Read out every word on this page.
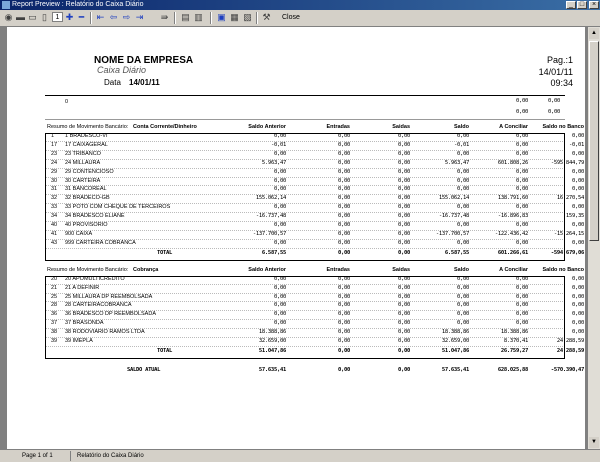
Report Preview : Relatório do Caixa Diário	_ □	×
◉ ▬ ▭ ▯	1 ✚ ━	⇤ ⇦ ⇨ ⇥ ⇛ ▤ ▥ ▣ ▦ ▧ ⚒ Close
NOME DA EMPRESA
Caixa Diário
Data 14/01/11
Pag.:1
14/01/11
09:34
0	0,00	0,00
0,00	0,00
Resumo de Movimento Bancário: Conta Corrente/Dinheiro	Saldo Anterior	Entradas	Saidas	Saldo	A Conciliar	Saldo no Banco
1 1 BRADESCO-VI	0,00	0,00	0,00	0,00	0,00	0,00
17 17 CAIXAGERAL	-0,01	0,00	0,00	-0,01	0,00	-0,01
23 23 TRIBANCO	0,00	0,00	0,00	0,00	0,00	0,00
24 24 MILLAURA	5.963,47	0,00	0,00	5.963,47	601.808,26	-595.844,79
29 29 CONTENCIOSO	0,00	0,00	0,00	0,00	0,00	0,00
30 30 CARTEIRA	0,00	0,00	0,00	0,00	0,00	0,00
31 31 BANCOREAL	0,00	0,00	0,00	0,00	0,00	0,00
32 32 BRADECO-GB	155.062,14	0,00	0,00	155.062,14	138.791,60	16.270,54
33 33 POTO COM CHEQUE DE TERCEIROS	0,00	0,00	0,00	0,00	0,00	0,00
34 34 BRADESCO ELIANE	-16.737,48	0,00	0,00	-16.737,48	-16.896,83	159,35
40 40 PROVISORIO	0,00	0,00	0,00	0,00	0,00	0,00
41 900 CAIXA	-137.700,57	0,00	0,00	-137.700,57	-122.436,42	-15.264,15
43 999 CARTEIRA COBRANCA	0,00	0,00	0,00	0,00	0,00	0,00
TOTAL	6.587,55	0,00	0,00	6.587,55	601.266,61	-594.679,06
Resumo de Movimento Bancário: Cobrança	Saldo Anterior	Entradas	Saidas	Saldo	A Conciliar	Saldo no Banco
20 20 APOMULTICREDITO	0,00	0,00	0,00	0,00	0,00	0,00
21 21 A DEFINIR	0,00	0,00	0,00	0,00	0,00	0,00
25 25 MILLAURA DP REEMBOLSADA	0,00	0,00	0,00	0,00	0,00	0,00
28 28 CARTEIRACOBRANCA	0,00	0,00	0,00	0,00	0,00	0,00
36 36 BRADESCO DP REEMBOLSADA	0,00	0,00	0,00	0,00	0,00	0,00
37 37 BRASONDA	0,00	0,00	0,00	0,00	0,00	0,00
38 38 RODOVIARIO RAMOS LTDA	18.388,86	0,00	0,00	18.388,86	18.388,86	0,00
39 39 IMEPLA	32.659,00	0,00	0,00	32.659,00	8.370,41	24.288,59
TOTAL	51.047,86	0,00	0,00	51.047,86	26.759,27	24.288,59
SALDO ATUAL	57.635,41	0,00	0,00	57.635,41	628.025,88	-570.390,47
▲
▼
Page 1 of 1	Relatório do Caixa Diário
